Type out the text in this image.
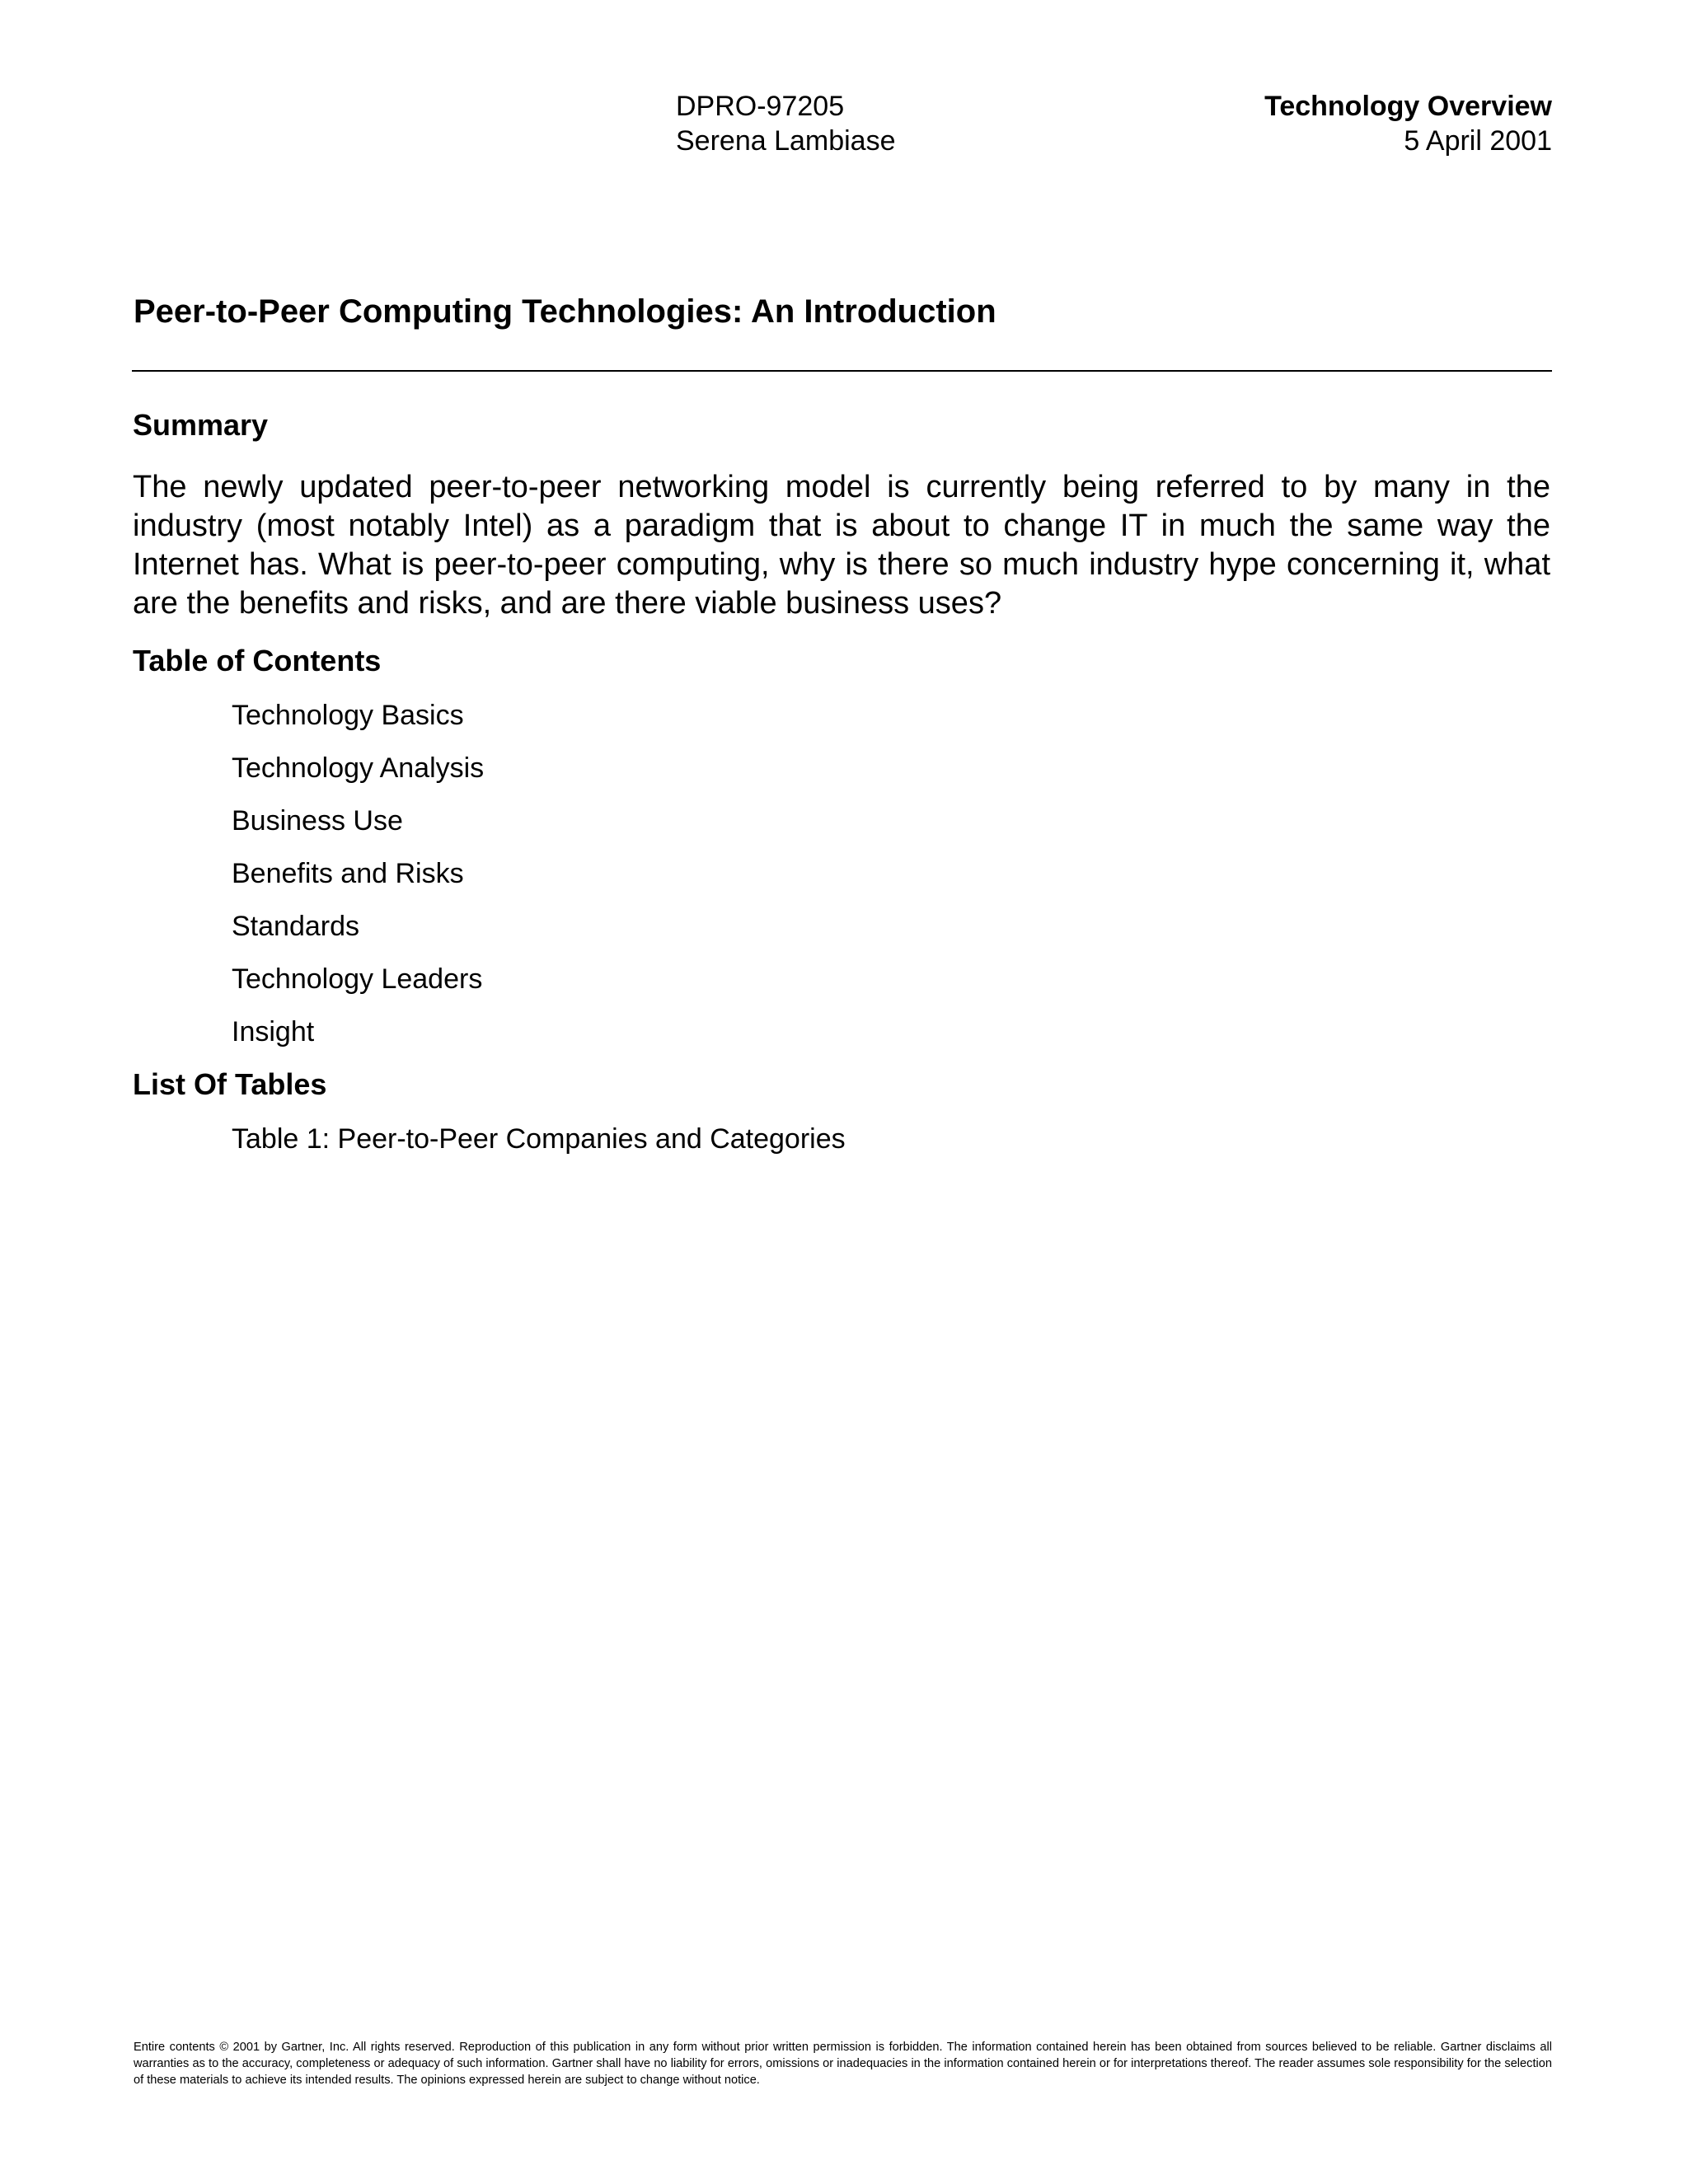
DPRO-97205
Serena Lambiase
Technology Overview
5 April 2001
Peer-to-Peer Computing Technologies: An Introduction
Summary

The newly updated peer-to-peer networking model is currently being referred to by many in the industry (most notably Intel) as a paradigm that is about to change IT in much the same way the Internet has. What is peer-to-peer computing, why is there so much industry hype concerning it, what are the benefits and risks, and are there viable business uses?

Table of Contents
Technology Basics
Technology Analysis
Business Use
Benefits and Risks
Standards
Technology Leaders
Insight
List Of Tables
Table 1: Peer-to-Peer Companies and Categories

Entire contents © 2001 by Gartner, Inc. All rights reserved. Reproduction of this publication in any form without prior written permission is forbidden. The information contained herein has been obtained from sources believed to be reliable. Gartner disclaims all warranties as to the accuracy, completeness or adequacy of such information. Gartner shall have no liability for errors, omissions or inadequacies in the information contained herein or for interpretations thereof. The reader assumes sole responsibility for the selection of these materials to achieve its intended results. The opinions expressed herein are subject to change without notice.
